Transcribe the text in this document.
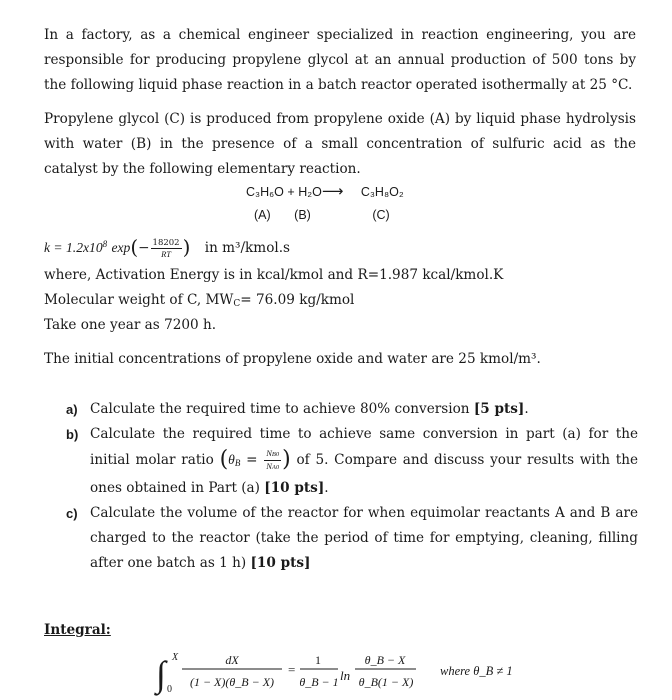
In a factory, as a chemical engineer specialized in reaction engineering, you are responsible for producing propylene glycol at an annual production of 500 tons by the following liquid phase reaction in a batch reactor operated isothermally at 25 °C.
Propylene glycol (C) is produced from propylene oxide (A) by liquid phase hydrolysis with water (B) in the presence of a small concentration of sulfuric acid as the catalyst by the following elementary reaction.
C₃H₆O + H₂O⟶ C₃H₈O₂
(A) (B)	(C)
$k = 1.2x10^8$ $\exp(- \frac{18202}{RT}$ ) in m³/kmol.s
where, Activation Energy is in kcal/kmol and R=1.987 kcal/kmol.K
Molecular weight of C, $MW_C= 76.09$ kg/kmol
Take one year as 7200 h.
The initial concentrations of propylene oxide and water are 25 kmol/m³.
a) Calculate the required time to achieve 80% conversion [5 pts].
b) Calculate the required time to achieve same conversion in part (a) for the initial molar ratio ($\theta_B = \frac{NB0}{NA0}$ ) of 5. Compare and discuss your results with the ones obtained in Part (a) [10 pts].
c) Calculate the volume of the reactor for when equimolar reactants A and B are charged to the reactor (take the period of time for emptying, cleaning, filling after one batch as 1 h) [10 pts]
Integral:
∫ X
0
dX
(1 − X)(θ_B − X)
=
1
θ_B − 1 ln
θ_B − X
θ_B(1 − X)
where θ_B ≠ 1
